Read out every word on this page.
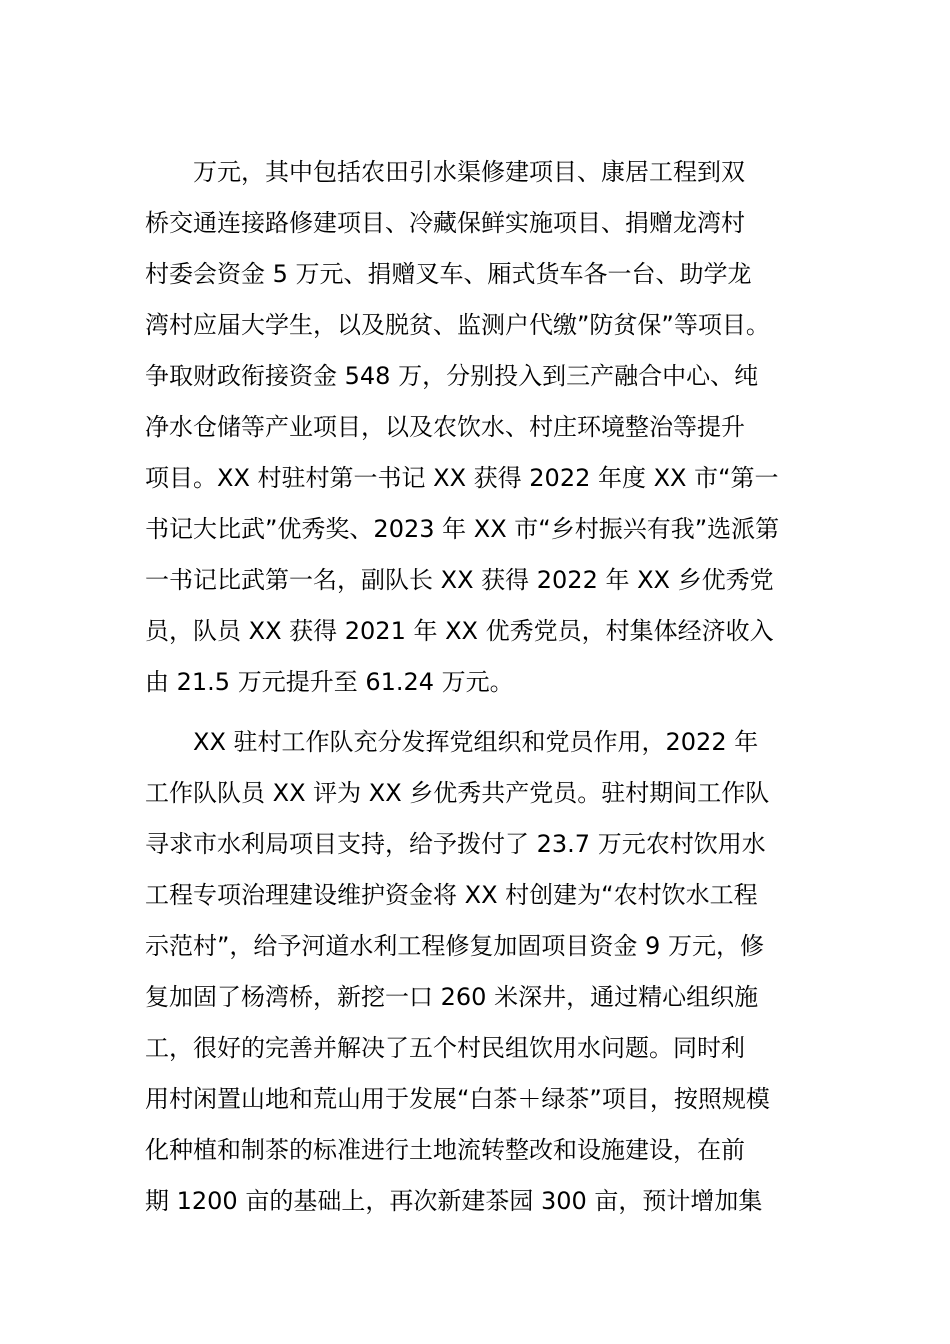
万元，其中包括农田引水渠修建项目、康居工程到双
桥交通连接路修建项目、冷藏保鲜实施项目、捐赠龙湾村
村委会资金 5 万元、捐赠叉车、厢式货车各一台、助学龙
湾村应届大学生，以及脱贫、监测户代缴”防贫保”等项目。
争取财政衔接资金 548 万，分别投入到三产融合中心、纯
净水仓储等产业项目，以及农饮水、村庄环境整治等提升
项目。XX 村驻村第一书记 XX 获得 2022 年度 XX 市“第一
书记大比武”优秀奖、2023 年 XX 市“乡村振兴有我”选派第
一书记比武第一名，副队长 XX 获得 2022 年 XX 乡优秀党
员，队员 XX 获得 2021 年 XX 优秀党员，村集体经济收入
由 21.5 万元提升至 61.24 万元。
XX 驻村工作队充分发挥党组织和党员作用，2022 年
工作队队员 XX 评为 XX 乡优秀共产党员。驻村期间工作队
寻求市水利局项目支持，给予拨付了 23.7 万元农村饮用水
工程专项治理建设维护资金将 XX 村创建为“农村饮水工程
示范村”，给予河道水利工程修复加固项目资金 9 万元，修
复加固了杨湾桥，新挖一口 260 米深井，通过精心组织施
工，很好的完善并解决了五个村民组饮用水问题。同时利
用村闲置山地和荒山用于发展“白茶＋绿茶”项目，按照规模
化种植和制茶的标准进行土地流转整改和设施建设，在前
期 1200 亩的基础上，再次新建茶园 300 亩，预计增加集
